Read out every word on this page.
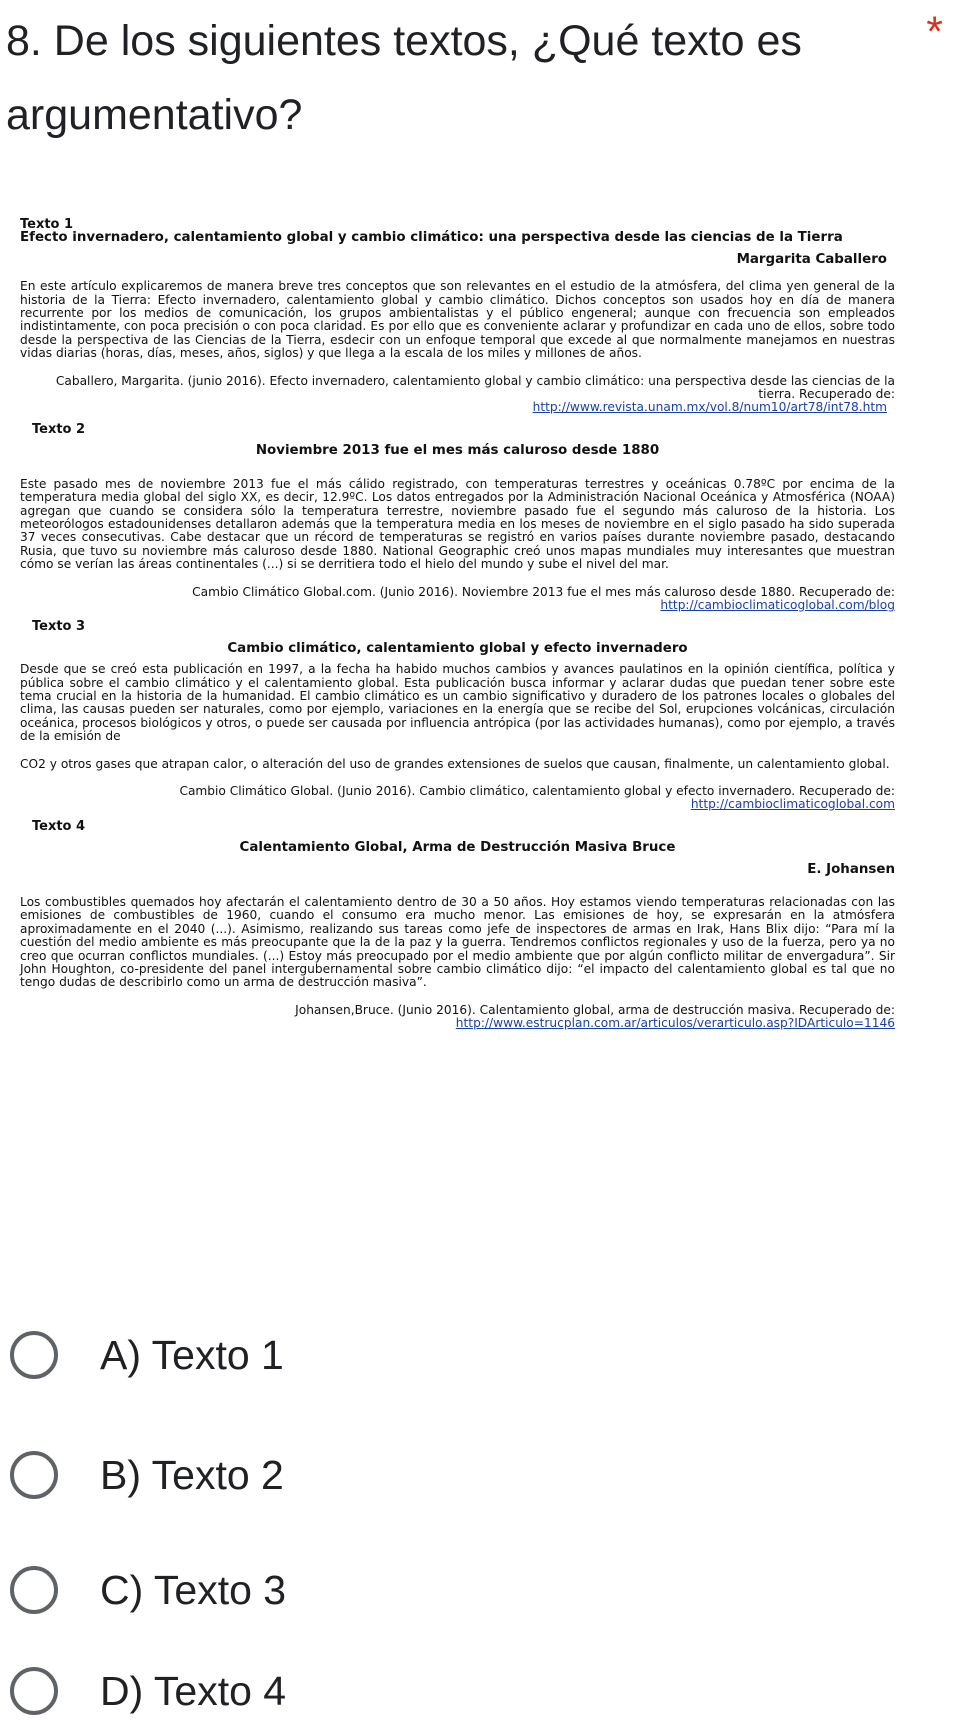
8. De los siguientes textos, ¿Qué texto es argumentativo?
*
Texto 1
Efecto invernadero, calentamiento global y cambio climático: una perspectiva desde las ciencias de la Tierra
Margarita Caballero

En este artículo explicaremos de manera breve tres conceptos que son relevantes en el estudio de la atmósfera, del clima yen general de la historia de la Tierra: Efecto invernadero, calentamiento global y cambio climático. Dichos conceptos son usados hoy en día de manera recurrente por los medios de comunicación, los grupos ambientalistas y el público engeneral; aunque con frecuencia son empleados indistintamente, con poca precisión o con poca claridad. Es por ello que es conveniente aclarar y profundizar en cada uno de ellos, sobre todo desde la perspectiva de las Ciencias de la Tierra, esdecir con un enfoque temporal que excede al que normalmente manejamos en nuestras vidas diarias (horas, días, meses, años, siglos) y que llega a la escala de los miles y millones de años.

Caballero, Margarita. (junio 2016). Efecto invernadero, calentamiento global y cambio climático: una perspectiva desde las ciencias de la tierra. Recuperado de:

http://www.revista.unam.mx/vol.8/num10/art78/int78.htm
Texto 2
Noviembre 2013 fue el mes más caluroso desde 1880

Este pasado mes de noviembre 2013 fue el más cálido registrado, con temperaturas terrestres y oceánicas 0.78ºC por encima de la temperatura media global del siglo XX, es decir, 12.9ºC. Los datos entregados por la Administración Nacional Oceánica y Atmosférica (NOAA) agregan que cuando se considera sólo la temperatura terrestre, noviembre pasado fue el segundo más caluroso de la historia. Los meteorólogos estadounidenses detallaron además que la temperatura media en los meses de noviembre en el siglo pasado ha sido superada 37 veces consecutivas. Cabe destacar que un récord de temperaturas se registró en varios países durante noviembre pasado, destacando Rusia, que tuvo su noviembre más caluroso desde 1880. National Geographic creó unos mapas mundiales muy interesantes que muestran cómo se verían las áreas continentales (...) si se derritiera todo el hielo del mundo y sube el nivel del mar.

Cambio Climático Global.com. (Junio 2016). Noviembre 2013 fue el mes más caluroso desde 1880. Recuperado de:

http://cambioclimaticoglobal.com/blog
Texto 3
Cambio climático, calentamiento global y efecto invernadero

Desde que se creó esta publicación en 1997, a la fecha ha habido muchos cambios y avances paulatinos en la opinión científica, política y pública sobre el cambio climático y el calentamiento global. Esta publicación busca informar y aclarar dudas que puedan tener sobre este tema crucial en la historia de la humanidad. El cambio climático es un cambio significativo y duradero de los patrones locales o globales del clima, las causas pueden ser naturales, como por ejemplo, variaciones en la energía que se recibe del Sol, erupciones volcánicas, circulación oceánica, procesos biológicos y otros, o puede ser causada por influencia antrópica (por las actividades humanas), como por ejemplo, a través de la emisión de

CO2 y otros gases que atrapan calor, o alteración del uso de grandes extensiones de suelos que causan, finalmente, un calentamiento global.

Cambio Climático Global. (Junio 2016). Cambio climático, calentamiento global y efecto invernadero. Recuperado de:

http://cambioclimaticoglobal.com
Texto 4
Calentamiento Global, Arma de Destrucción Masiva Bruce
E. Johansen

Los combustibles quemados hoy afectarán el calentamiento dentro de 30 a 50 años. Hoy estamos viendo temperaturas relacionadas con las emisiones de combustibles de 1960, cuando el consumo era mucho menor. Las emisiones de hoy, se expresarán en la atmósfera aproximadamente en el 2040 (...). Asimismo, realizando sus tareas como jefe de inspectores de armas en Irak, Hans Blix dijo: “Para mí la cuestión del medio ambiente es más preocupante que la de la paz y la guerra. Tendremos conflictos regionales y uso de la fuerza, pero ya no creo que ocurran conflictos mundiales. (...) Estoy más preocupado por el medio ambiente que por algún conflicto militar de envergadura”. Sir John Houghton, co-presidente del panel intergubernamental sobre cambio climático dijo: “el impacto del calentamiento global es tal que no tengo dudas de describirlo como un arma de destrucción masiva”.

Johansen,Bruce. (Junio 2016). Calentamiento global, arma de destrucción masiva. Recuperado de:

http://www.estrucplan.com.ar/articulos/verarticulo.asp?IDArticulo=1146
A) Texto 1
B) Texto 2
C) Texto 3
D) Texto 4
